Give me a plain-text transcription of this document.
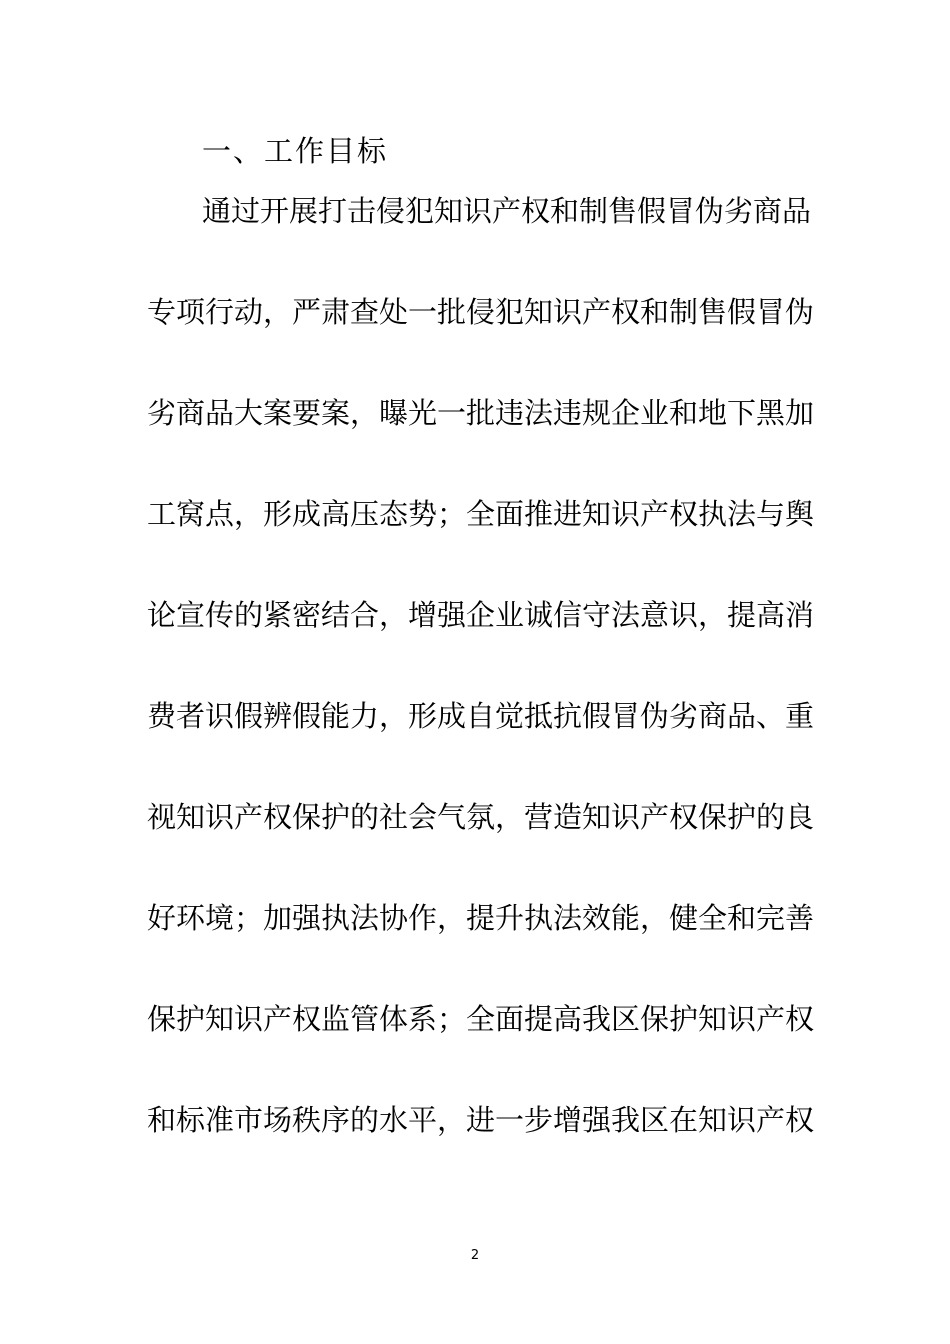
一、工作目标
通过开展打击侵犯知识产权和制售假冒伪劣商品
专项行动，严肃查处一批侵犯知识产权和制售假冒伪
劣商品大案要案，曝光一批违法违规企业和地下黑加
工窝点，形成高压态势；全面推进知识产权执法与舆
论宣传的紧密结合，增强企业诚信守法意识，提高消
费者识假辨假能力，形成自觉抵抗假冒伪劣商品、重
视知识产权保护的社会气氛，营造知识产权保护的良
好环境；加强执法协作，提升执法效能，健全和完善
保护知识产权监管体系；全面提高我区保护知识产权
和标准市场秩序的水平，进一步增强我区在知识产权
2
